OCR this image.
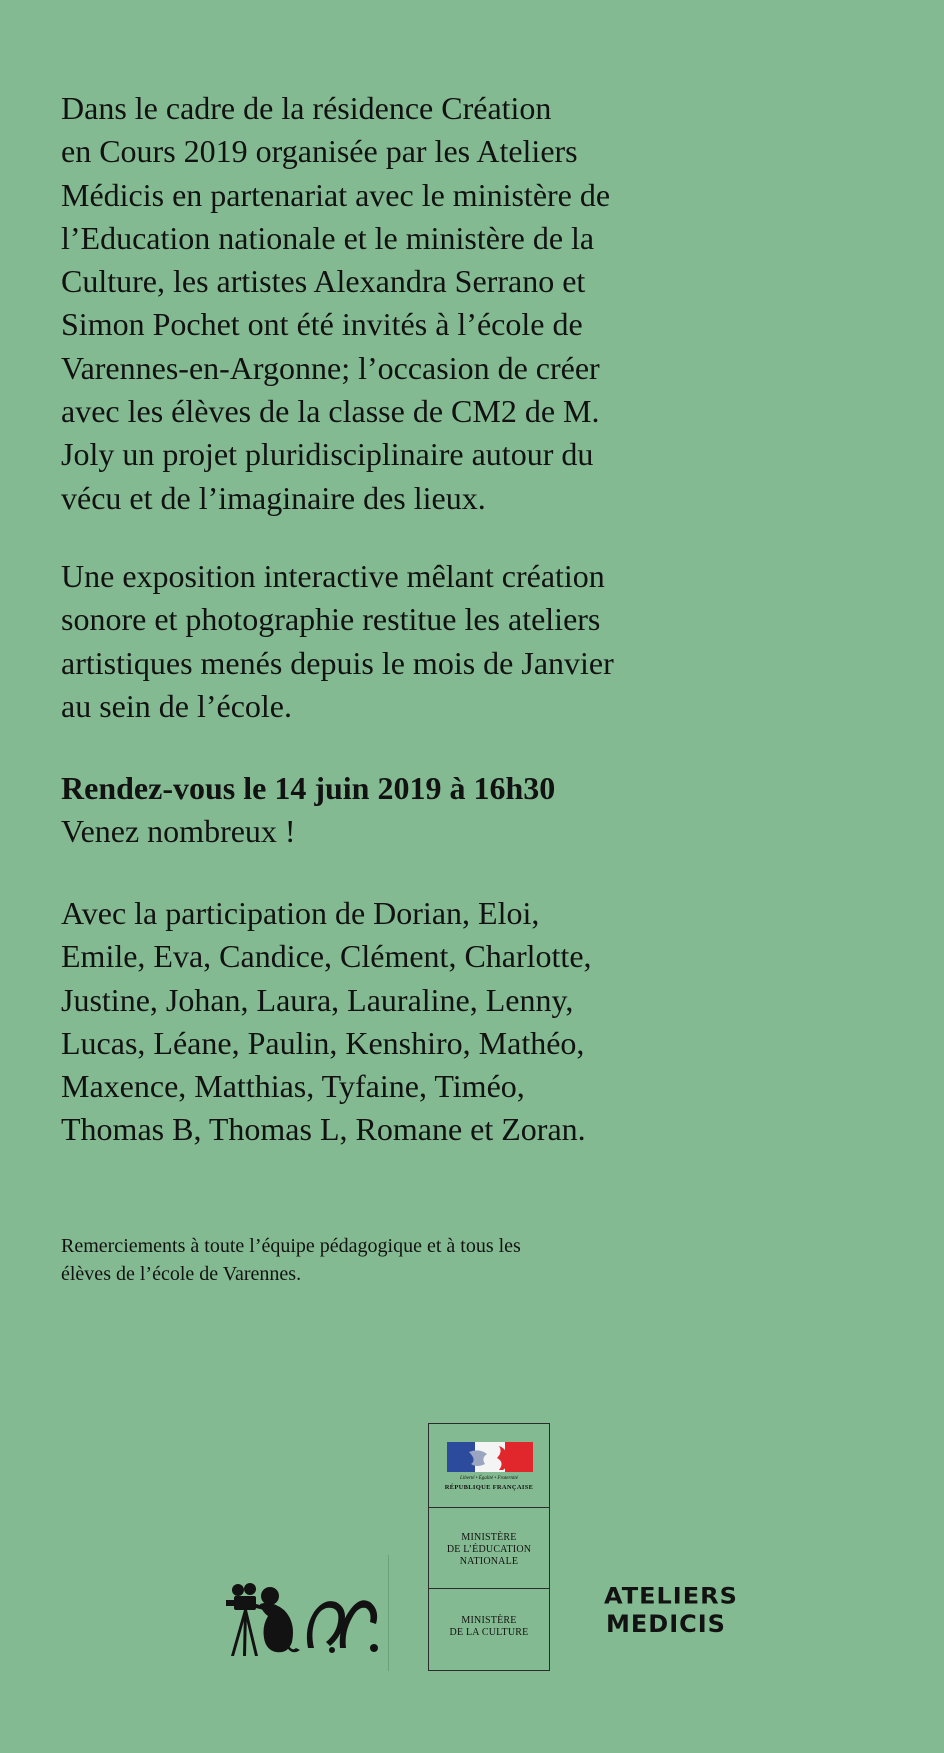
Dans le cadre de la résidence Création
en Cours 2019 organisée par les Ateliers
Médicis en partenariat avec le ministère de
l’Education nationale et le ministère de la
Culture, les artistes Alexandra Serrano et
Simon Pochet ont été invités à l’école de
Varennes-en-Argonne; l’occasion de créer
avec les élèves de la classe de CM2 de M.
Joly un projet pluridisciplinaire autour du
vécu et de l’imaginaire des lieux.

Une exposition interactive mêlant création
sonore et photographie restitue les ateliers
artistiques menés depuis le mois de Janvier
au sein de l’école.

Rendez-vous le 14 juin 2019 à 16h30
Venez nombreux !

Avec la participation de Dorian, Eloi,
Emile, Eva, Candice, Clément, Charlotte,
Justine, Johan, Laura, Lauraline, Lenny,
Lucas, Léane, Paulin, Kenshiro, Mathéo,
Maxence, Matthias, Tyfaine, Timéo,
Thomas B, Thomas L, Romane et Zoran.

Remerciements à toute l’équipe pédagogique et à tous les
élèves de l’école de Varennes.

Liberté • Égalité • Fraternité
RÉPUBLIQUE FRANÇAISE
MINISTÈRE
DE L’ÉDUCATION
NATIONALE
MINISTÈRE
DE LA CULTURE
ATELIERS
MEDICIS
